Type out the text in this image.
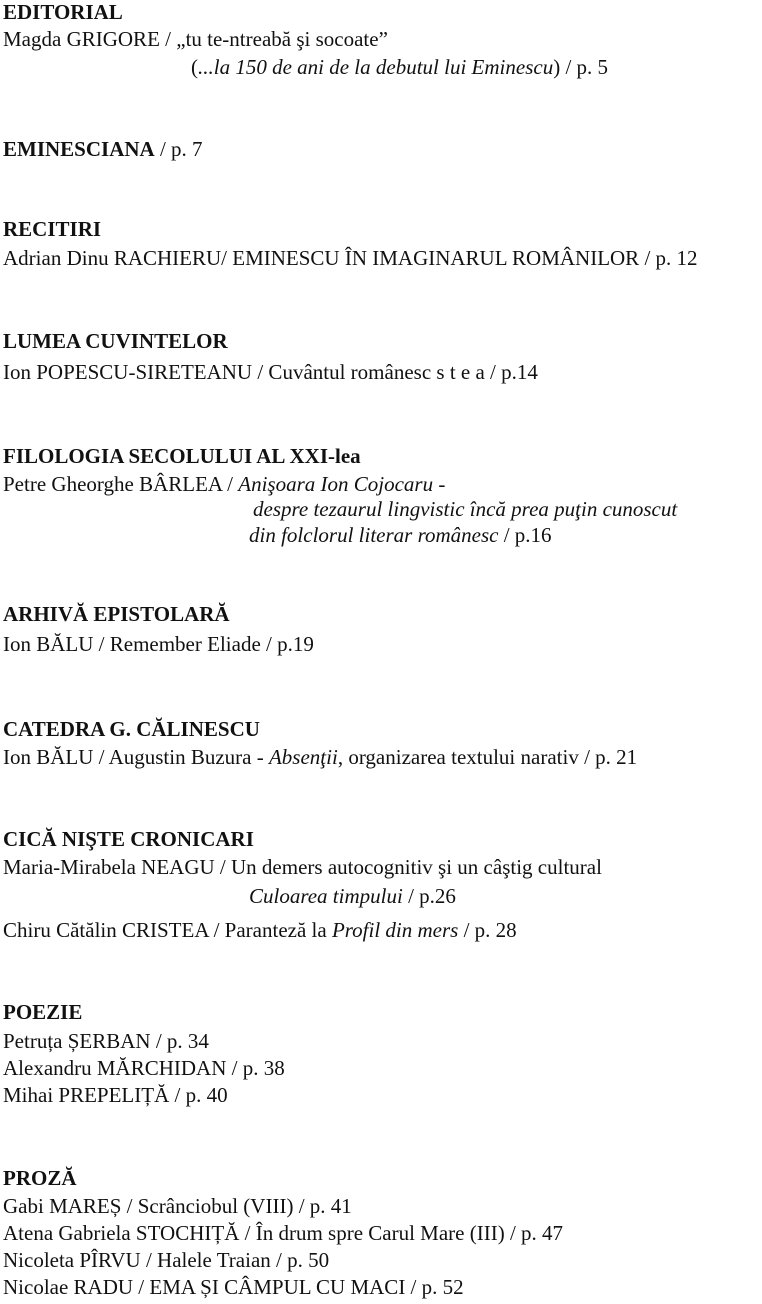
EDITORIAL
Magda GRIGORE / „tu te-ntreabă şi socoate”
(...la 150 de ani de la debutul lui Eminescu) / p. 5
EMINESCIANA / p. 7
RECITIRI
Adrian Dinu RACHIERU/ EMINESCU ÎN IMAGINARUL ROMÂNILOR / p. 12
LUMEA CUVINTELOR
Ion POPESCU-SIRETEANU / Cuvântul românesc s t e a / p.14
FILOLOGIA SECOLULUI AL XXI-lea
Petre Gheorghe BÂRLEA / Anişoara Ion Cojocaru -
despre tezaurul lingvistic încă prea puţin cunoscut
din folclorul literar românesc / p.16
ARHIVĂ EPISTOLARĂ
Ion BĂLU / Remember Eliade / p.19
CATEDRA G. CĂLINESCU
Ion BĂLU / Augustin Buzura - Absenţii, organizarea textului narativ / p. 21
CICĂ NIŞTE CRONICARI
Maria-Mirabela NEAGU / Un demers autocognitiv şi un câştig cultural
Culoarea timpului / p.26
Chiru Cătălin CRISTEA / Paranteză la Profil din mers / p. 28
POEZIE
Petruța ȘERBAN / p. 34
Alexandru MĂRCHIDAN / p. 38
Mihai PREPELIȚĂ / p. 40
PROZĂ
Gabi MAREȘ / Scrânciobul (VIII) / p. 41
Atena Gabriela STOCHIȚĂ / În drum spre Carul Mare (III) / p. 47
Nicoleta PÎRVU / Halele Traian / p. 50
Nicolae RADU / EMA ȘI CÂMPUL CU MACI / p. 52
